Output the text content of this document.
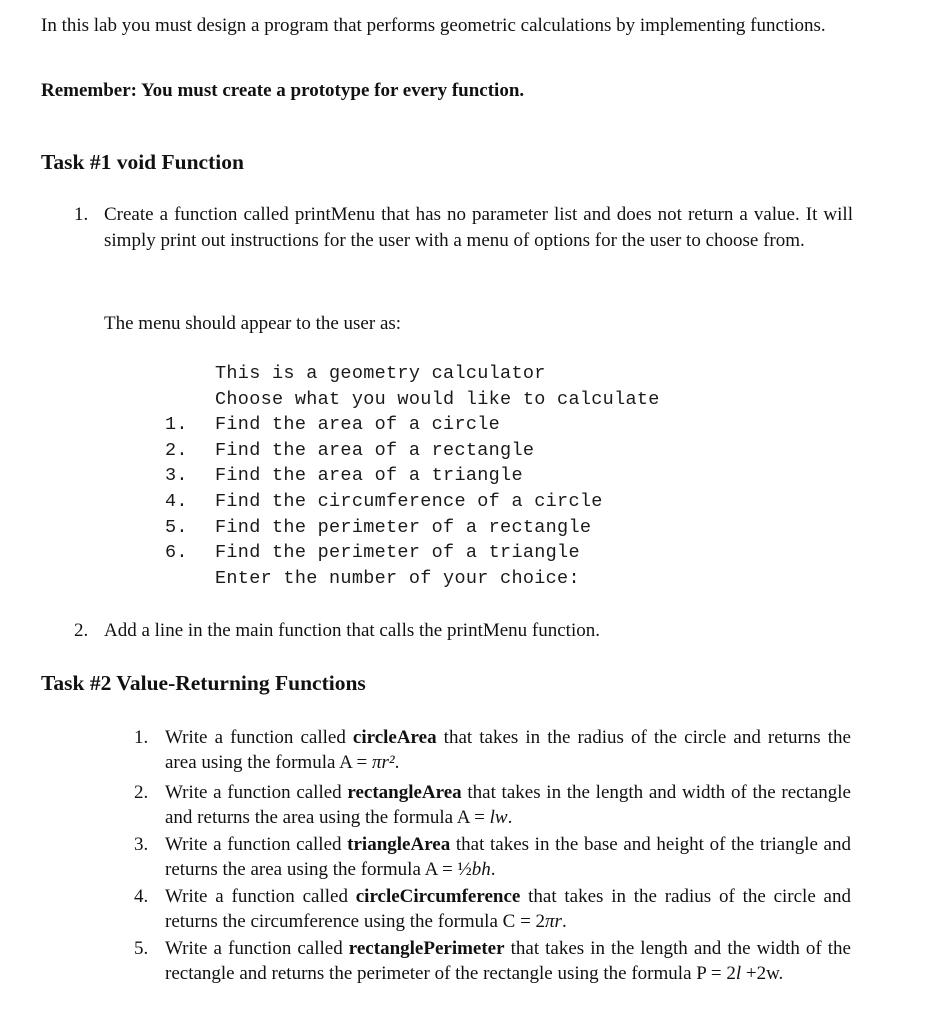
In this lab you must design a program that performs geometric calculations by implementing functions.

Remember: You must create a prototype for every function.

Task #1 void Function

1. Create a function called printMenu that has no parameter list and does not return a value. It will simply print out instructions for the user with a menu of options for the user to choose from.

The menu should appear to the user as:

This is a geometry calculator
Choose what you would like to calculate
1. Find the area of a circle
2. Find the area of a rectangle
3. Find the area of a triangle
4. Find the circumference of a circle
5. Find the perimeter of a rectangle
6. Find the perimeter of a triangle
Enter the number of your choice:
2. Add a line in the main function that calls the printMenu function.

Task #2 Value-Returning Functions

1. Write a function called circleArea that takes in the radius of the circle and returns the area using the formula A = πr².

2. Write a function called rectangleArea that takes in the length and width of the rectangle and returns the area using the formula A = lw.

3. Write a function called triangleArea that takes in the base and height of the triangle and returns the area using the formula A = ½bh.

4. Write a function called circleCircumference that takes in the radius of the circle and returns the circumference using the formula C = 2πr.

5. Write a function called rectanglePerimeter that takes in the length and the width of the rectangle and returns the perimeter of the rectangle using the formula P = 2l +2w.
